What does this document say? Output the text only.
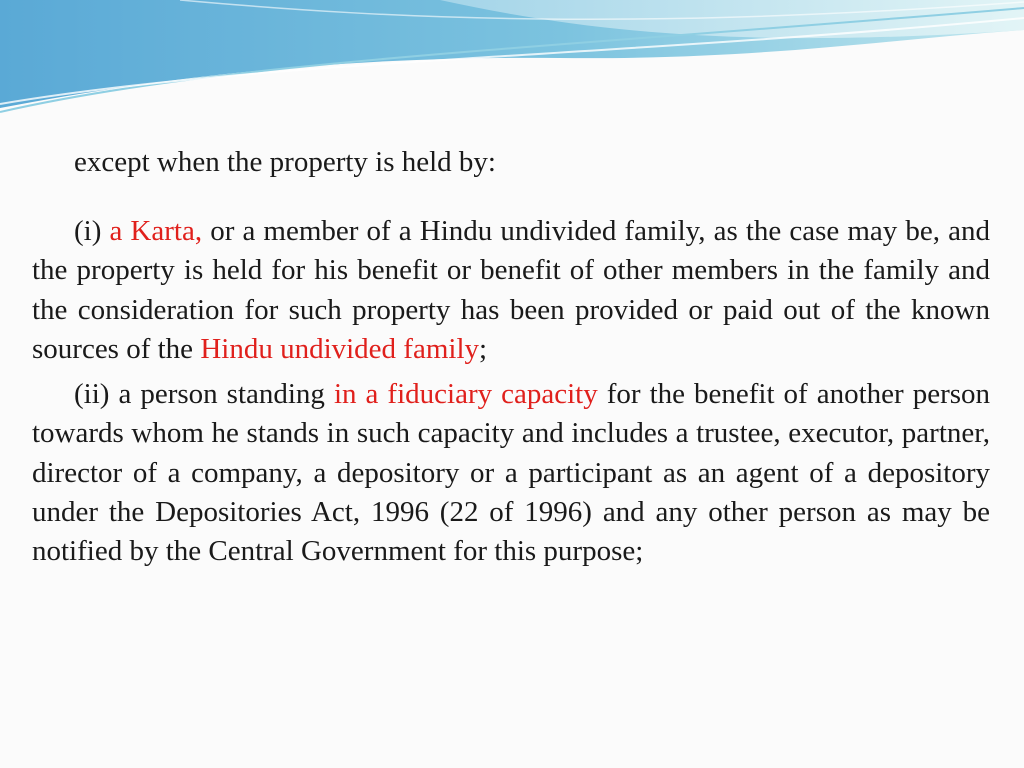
except when the property is held by:

(i) a Karta, or a member of a Hindu undivided family, as the case may be, and the property is held for his benefit or benefit of other members in the family and the consideration for such property has been provided or paid out of the known sources of the Hindu undivided family;

(ii) a person standing in a fiduciary capacity for the benefit of another person towards whom he stands in such capacity and includes a trustee, executor, partner, director of a company, a depository or a participant as an agent of a depository under the Depositories Act, 1996 (22 of 1996) and any other person as may be notified by the Central Government for this purpose;
